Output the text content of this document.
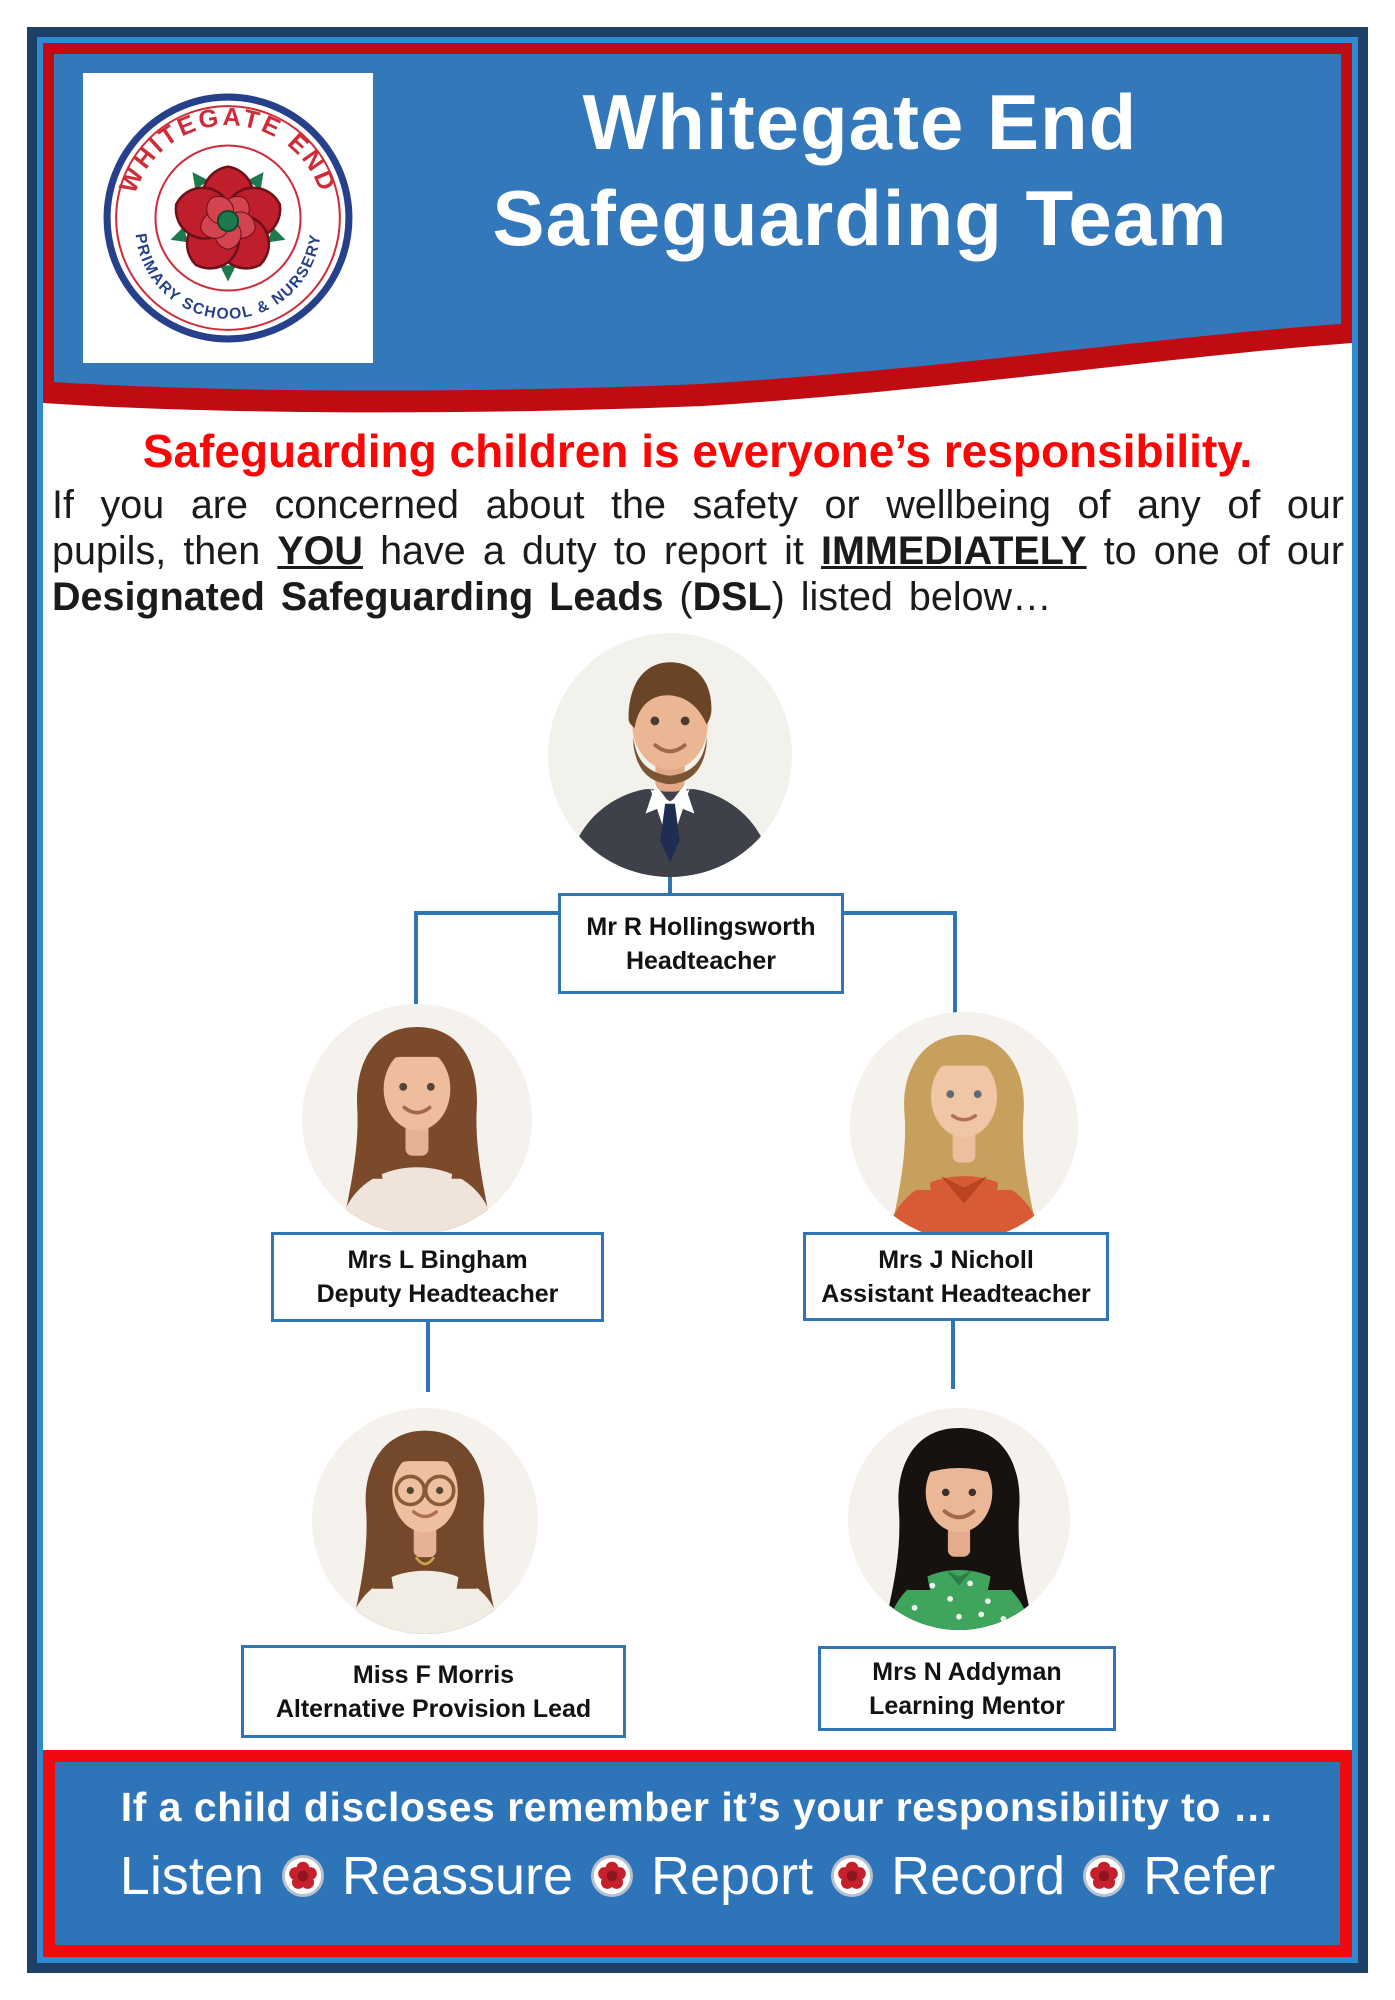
WHITEGATE END
PRIMARY SCHOOL & NURSERY
Whitegate End
Safeguarding Team
Safeguarding children is everyone’s responsibility.
If you are concerned about the safety or wellbeing of any of our pupils, then YOU have a duty to report it IMMEDIATELY to one of our Designated Safeguarding Leads (DSL) listed below…
Mr R Hollingsworth
Headteacher
Mrs L Bingham
Deputy Headteacher
Mrs J Nicholl
Assistant Headteacher
Miss F Morris
Alternative Provision Lead
Mrs N Addyman
Learning Mentor
If a child discloses remember it’s your responsibility to …
Listen Reassure Report Record Refer
